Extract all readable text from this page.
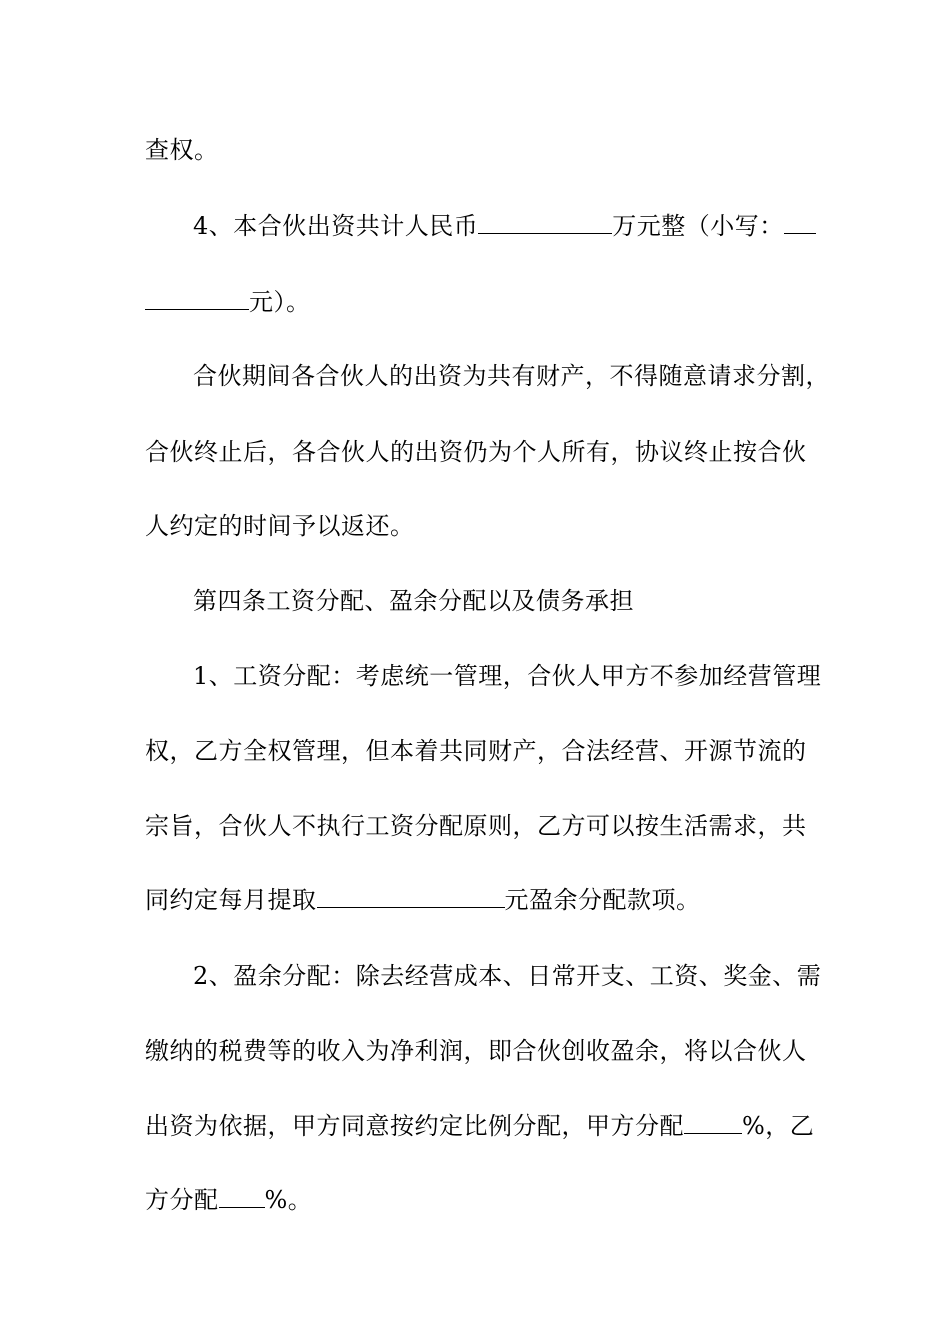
查权。
4、本合伙出资共计人民币	万元整（小写：
元）。
合伙期间各合伙人的出资为共有财产，不得随意请求分割，
合伙终止后，各合伙人的出资仍为个人所有，协议终止按合伙
人约定的时间予以返还。
第四条工资分配、盈余分配以及债务承担
1、工资分配：考虑统一管理，合伙人甲方不参加经营管理
权，乙方全权管理，但本着共同财产，合法经营、开源节流的
宗旨，合伙人不执行工资分配原则，乙方可以按生活需求，共
同约定每月提取	元盈余分配款项。
2、盈余分配：除去经营成本、日常开支、工资、奖金、需
缴纳的税费等的收入为净利润，即合伙创收盈余，将以合伙人
出资为依据，甲方同意按约定比例分配，甲方分配 %，乙
方分配 %。
